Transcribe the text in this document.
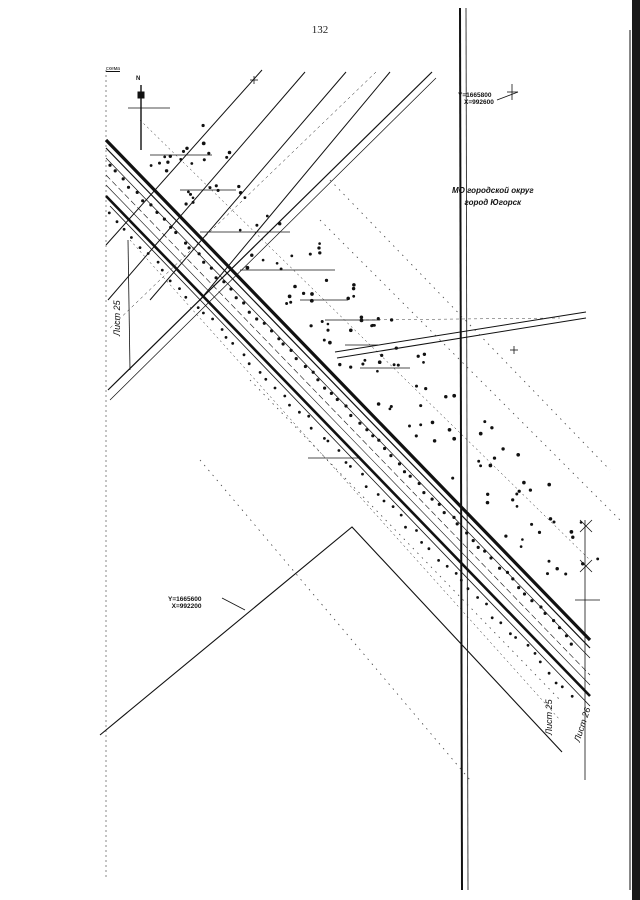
132
Y=1665800
X=992600
Y=1665600
X=992200
МО городской округ
город Югорск
Лист 25
Лист 25 Лист 26
N
схема
